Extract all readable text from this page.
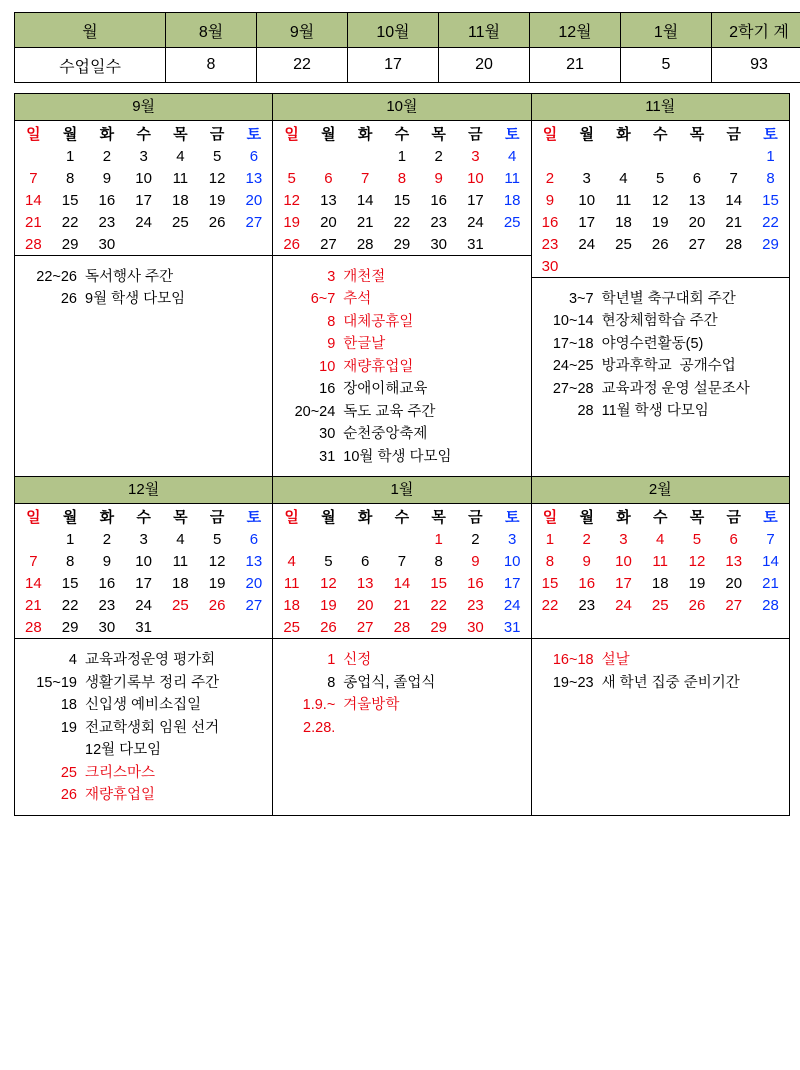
월	8월	9월	10월	11월	12월	1월	2학기 계
수업일수	8	22	17	20	21	5	93
9월
일	월	화	수	목	금	토
	1	2	3	4	5	6
7	8	9	10	11	12	13
14	15	16	17	18	19	20
21	22	23	24	25	26	27
28	29	30				
22~26 독서행사 주간
26 9월 학생 다모임

10월
일	월	화	수	목	금	토
			1	2	3	4
5	6	7	8	9	10	11
12	13	14	15	16	17	18
19	20	21	22	23	24	25
26	27	28	29	30	31	
3 개천절
6~7 추석
8 대체공휴일
9 한글날
10 재량휴업일
16 장애이해교육
20~24 독도 교육 주간
30 순천중앙축제
31 10월 학생 다모임

11월
일	월	화	수	목	금	토
						1
2	3	4	5	6	7	8
9	10	11	12	13	14	15
16	17	18	19	20	21	22
23	24	25	26	27	28	29
30						
3~7 학년별 축구대회 주간
10~14 현장체험학습 주간
17~18 야영수련활동(5)
24~25 방과후학교  공개수업
27~28 교육과정 운영 설문조사
28 11월 학생 다모임
12월
일	월	화	수	목	금	토
	1	2	3	4	5	6
7	8	9	10	11	12	13
14	15	16	17	18	19	20
21	22	23	24	25	26	27
28	29	30	31			
4 교육과정운영 평가회
15~19 생활기록부 정리 주간
18 신입생 예비소집일
19 전교학생회 임원 선거
12월 다모임
25 크리스마스
26 재량휴업일

1월
일	월	화	수	목	금	토
				1	2	3
4	5	6	7	8	9	10
11	12	13	14	15	16	17
18	19	20	21	22	23	24
25	26	27	28	29	30	31
1 신정
8 종업식, 졸업식
1.9.~ 겨울방학
2.28.

2월
일	월	화	수	목	금	토
1	2	3	4	5	6	7
8	9	10	11	12	13	14
15	16	17	18	19	20	21
22	23	24	25	26	27	28

16~18 설날
19~23 새 학년 집중 준비기간
